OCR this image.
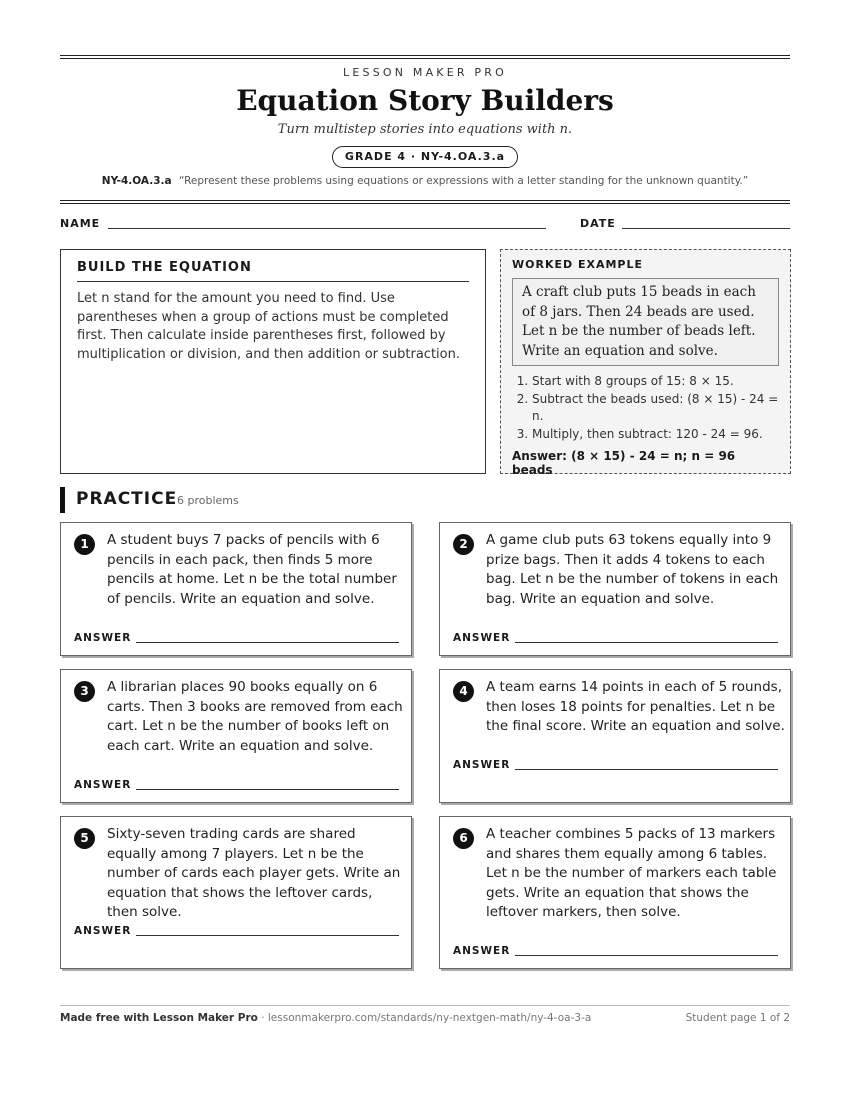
LESSON MAKER PRO
Equation Story Builders
Turn multistep stories into equations with n.
GRADE 4 · NY-4.OA.3.a
NY-4.OA.3.a “Represent these problems using equations or expressions with a letter standing for the unknown quantity.”
NAME	DATE
BUILD THE EQUATION
Let n stand for the amount you need to find. Use parentheses when a group of actions must be completed first. Then calculate inside parentheses first, followed by multiplication or division, and then addition or subtraction.
WORKED EXAMPLE
A craft club puts 15 beads in each of 8 jars. Then 24 beads are used. Let n be the number of beads left. Write an equation and solve.
1. Start with 8 groups of 15: 8 × 15.
2. Subtract the beads used: (8 × 15) - 24 = n.
3. Multiply, then subtract: 120 - 24 = 96.
Answer: (8 × 15) - 24 = n; n = 96 beads
PRACTICE 6 problems
1	A student buys 7 packs of pencils with 6 pencils in each pack, then finds 5 more pencils at home. Let n be the total number of pencils. Write an equation and solve.
ANSWER
2	A game club puts 63 tokens equally into 9 prize bags. Then it adds 4 tokens to each bag. Let n be the number of tokens in each bag. Write an equation and solve.
ANSWER
3	A librarian places 90 books equally on 6 carts. Then 3 books are removed from each cart. Let n be the number of books left on each cart. Write an equation and solve.
ANSWER
4	A team earns 14 points in each of 5 rounds, then loses 18 points for penalties. Let n be the final score. Write an equation and solve.
ANSWER
5	Sixty-seven trading cards are shared equally among 7 players. Let n be the number of cards each player gets. Write an equation that shows the leftover cards, then solve.
ANSWER
6	A teacher combines 5 packs of 13 markers and shares them equally among 6 tables. Let n be the number of markers each table gets. Write an equation that shows the leftover markers, then solve.
ANSWER
Made free with Lesson Maker Pro · lessonmakerpro.com/standards/ny-nextgen-math/ny-4-oa-3-a	Student page 1 of 2
